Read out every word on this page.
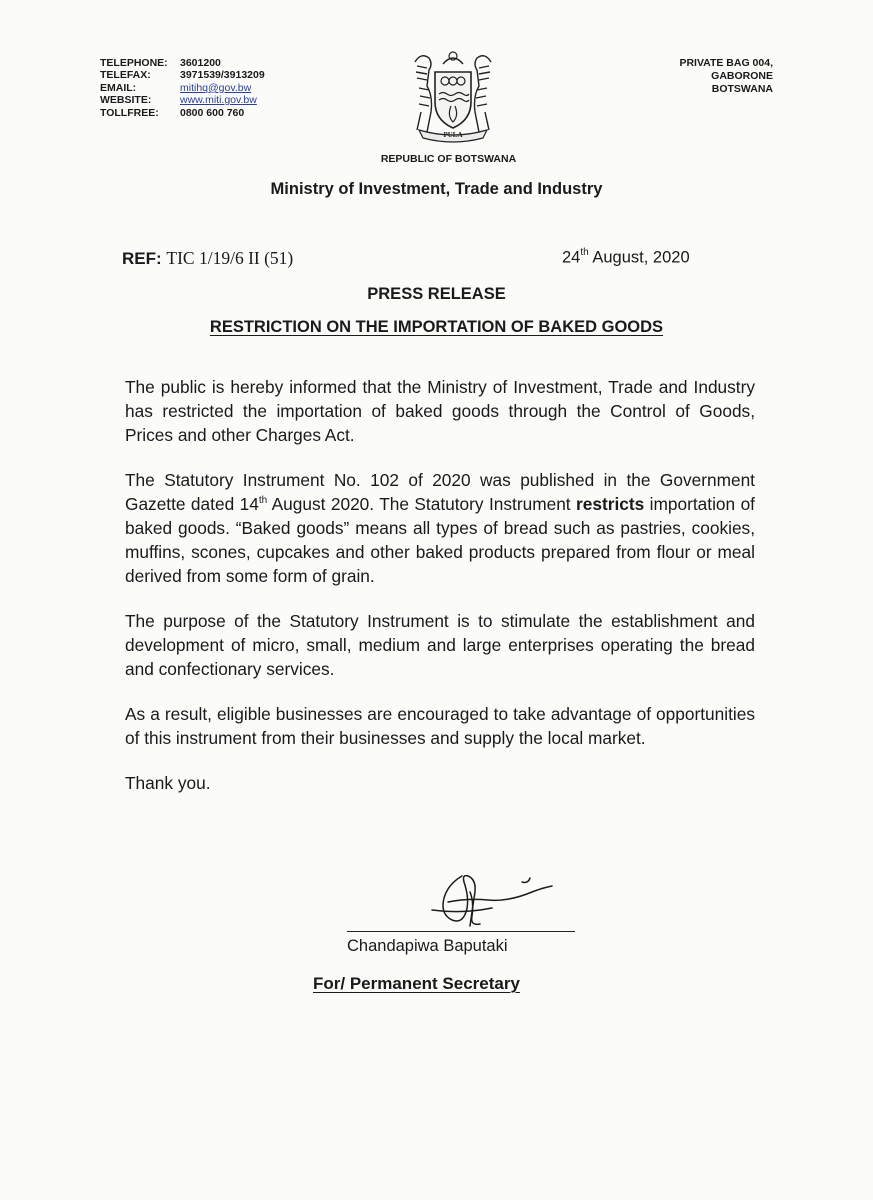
TELEPHONE:	3601200
TELEFAX:	3971539/3913209
EMAIL:	mitihq@gov.bw
WEBSITE:	www.miti.gov.bw
TOLLFREE:	0800 600 760
PRIVATE BAG 004,
GABORONE
BOTSWANA
PULA
REPUBLIC OF BOTSWANA
Ministry of Investment, Trade and Industry
REF: TIC 1/19/6 II (51)	24th August, 2020
PRESS RELEASE
RESTRICTION ON THE IMPORTATION OF BAKED GOODS

The public is hereby informed that the Ministry of Investment, Trade and Industry has restricted the importation of baked goods through the Control of Goods, Prices and other Charges Act.

The Statutory Instrument No. 102 of 2020 was published in the Government Gazette dated 14th August 2020. The Statutory Instrument restricts importation of baked goods. “Baked goods” means all types of bread such as pastries, cookies, muffins, scones, cupcakes and other baked products prepared from flour or meal derived from some form of grain.

The purpose of the Statutory Instrument is to stimulate the establishment and development of micro, small, medium and large enterprises operating the bread and confectionary services.

As a result, eligible businesses are encouraged to take advantage of opportunities of this instrument from their businesses and supply the local market.

Thank you.

Chandapiwa Baputaki
For/ Permanent Secretary
